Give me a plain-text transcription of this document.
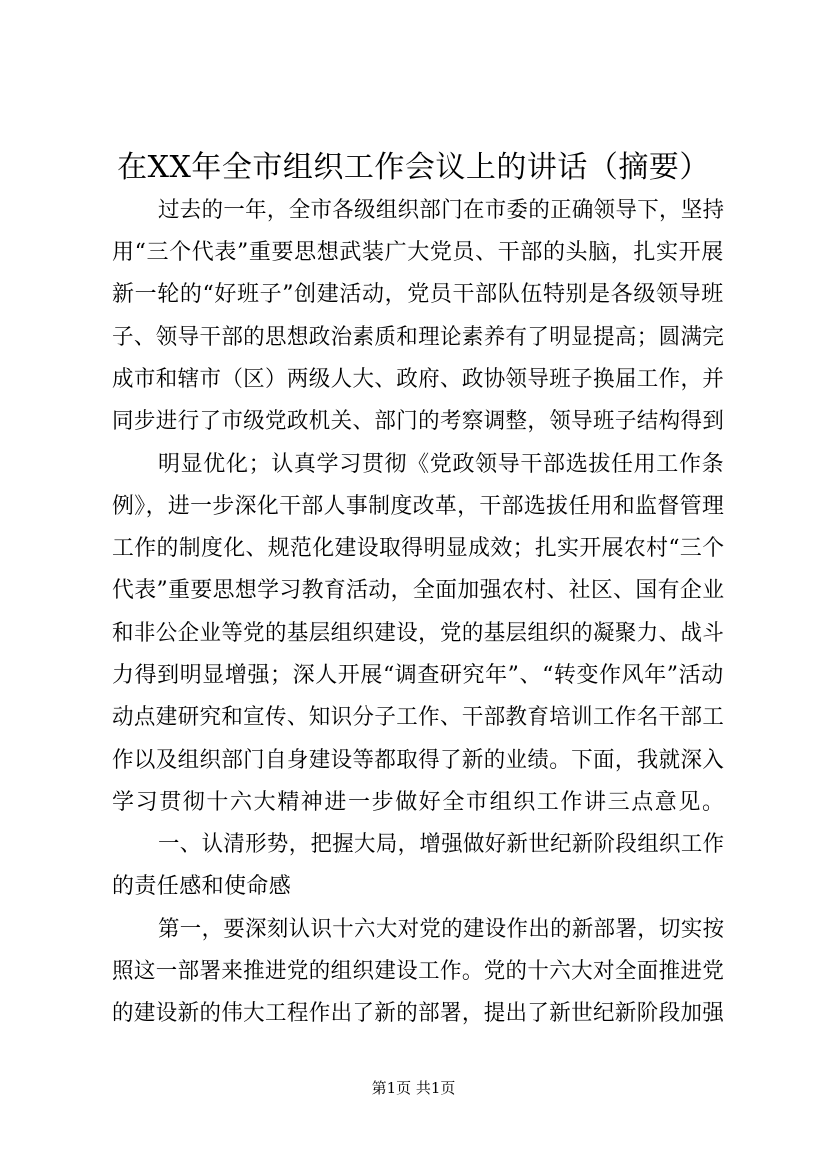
在XX年全市组织工作会议上的讲话（摘要）
过去的一年，全市各级组织部门在市委的正确领导下，坚持
用“三个代表”重要思想武装广大党员、干部的头脑，扎实开展
新一轮的“好班子”创建活动，党员干部队伍特别是各级领导班
子、领导干部的思想政治素质和理论素养有了明显提高；圆满完
成市和辖市（区）两级人大、政府、政协领导班子换届工作，并
同步进行了市级党政机关、部门的考察调整，领导班子结构得到
明显优化；认真学习贯彻《党政领导干部选拔任用工作条
例》，进一步深化干部人事制度改革，干部选拔任用和监督管理
工作的制度化、规范化建设取得明显成效；扎实开展农村“三个
代表”重要思想学习教育活动，全面加强农村、社区、国有企业
和非公企业等党的基层组织建设，党的基层组织的凝聚力、战斗
力得到明显增强；深人开展“调查研究年”、“转变作风年”活动
动点建研究和宣传、知识分子工作、干部教育培训工作名干部工
作以及组织部门自身建设等都取得了新的业绩。下面，我就深入
学习贯彻十六大精神进一步做好全市组织工作讲三点意见。
一、认清形势，把握大局，增强做好新世纪新阶段组织工作
的责任感和使命感
第一，要深刻认识十六大对党的建设作出的新部署，切实按
照这一部署来推进党的组织建设工作。党的十六大对全面推进党
的建设新的伟大工程作出了新的部署，提出了新世纪新阶段加强
第1页 共1页
